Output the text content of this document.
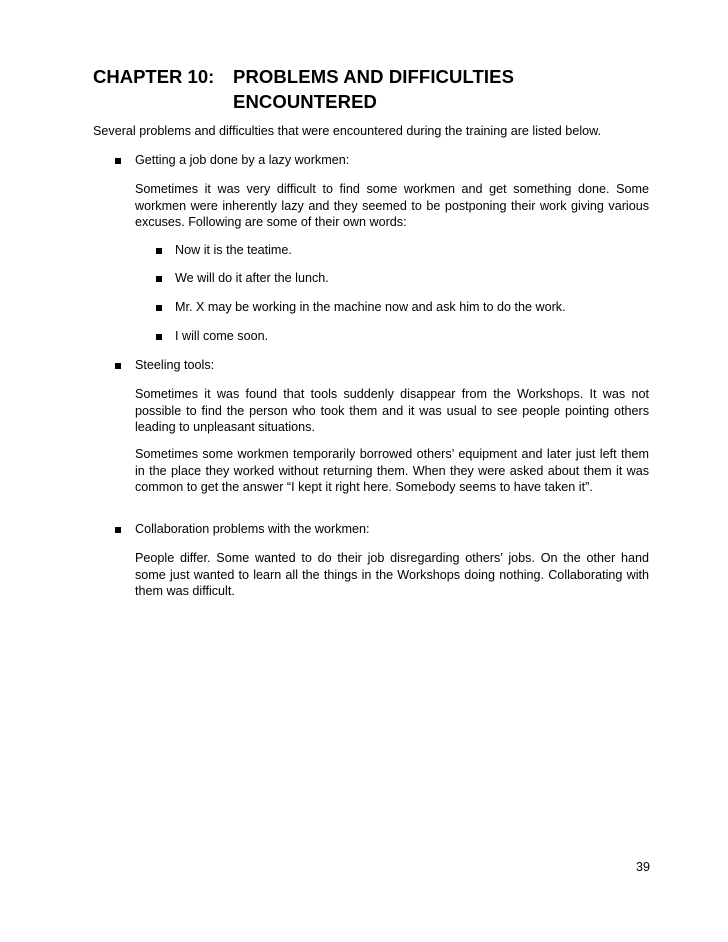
CHAPTER 10:	PROBLEMS AND DIFFICULTIES
ENCOUNTERED
Several problems and difficulties that were encountered during the training are listed below.
Getting a job done by a lazy workmen:
Sometimes it was very difficult to find some workmen and get something done. Some workmen were inherently lazy and they seemed to be postponing their work giving various excuses. Following are some of their own words:
Now it is the teatime.
We will do it after the lunch.
Mr. X may be working in the machine now and ask him to do the work.
I will come soon.
Steeling tools:
Sometimes it was found that tools suddenly disappear from the Workshops. It was not possible to find the person who took them and it was usual to see people pointing others leading to unpleasant situations.
Sometimes some workmen temporarily borrowed others’ equipment and later just left them in the place they worked without returning them. When they were asked about them it was common to get the answer “I kept it right here. Somebody seems to have taken it”.
Collaboration problems with the workmen:
People differ. Some wanted to do their job disregarding others’ jobs. On the other hand some just wanted to learn all the things in the Workshops doing nothing. Collaborating with them was difficult.
39
